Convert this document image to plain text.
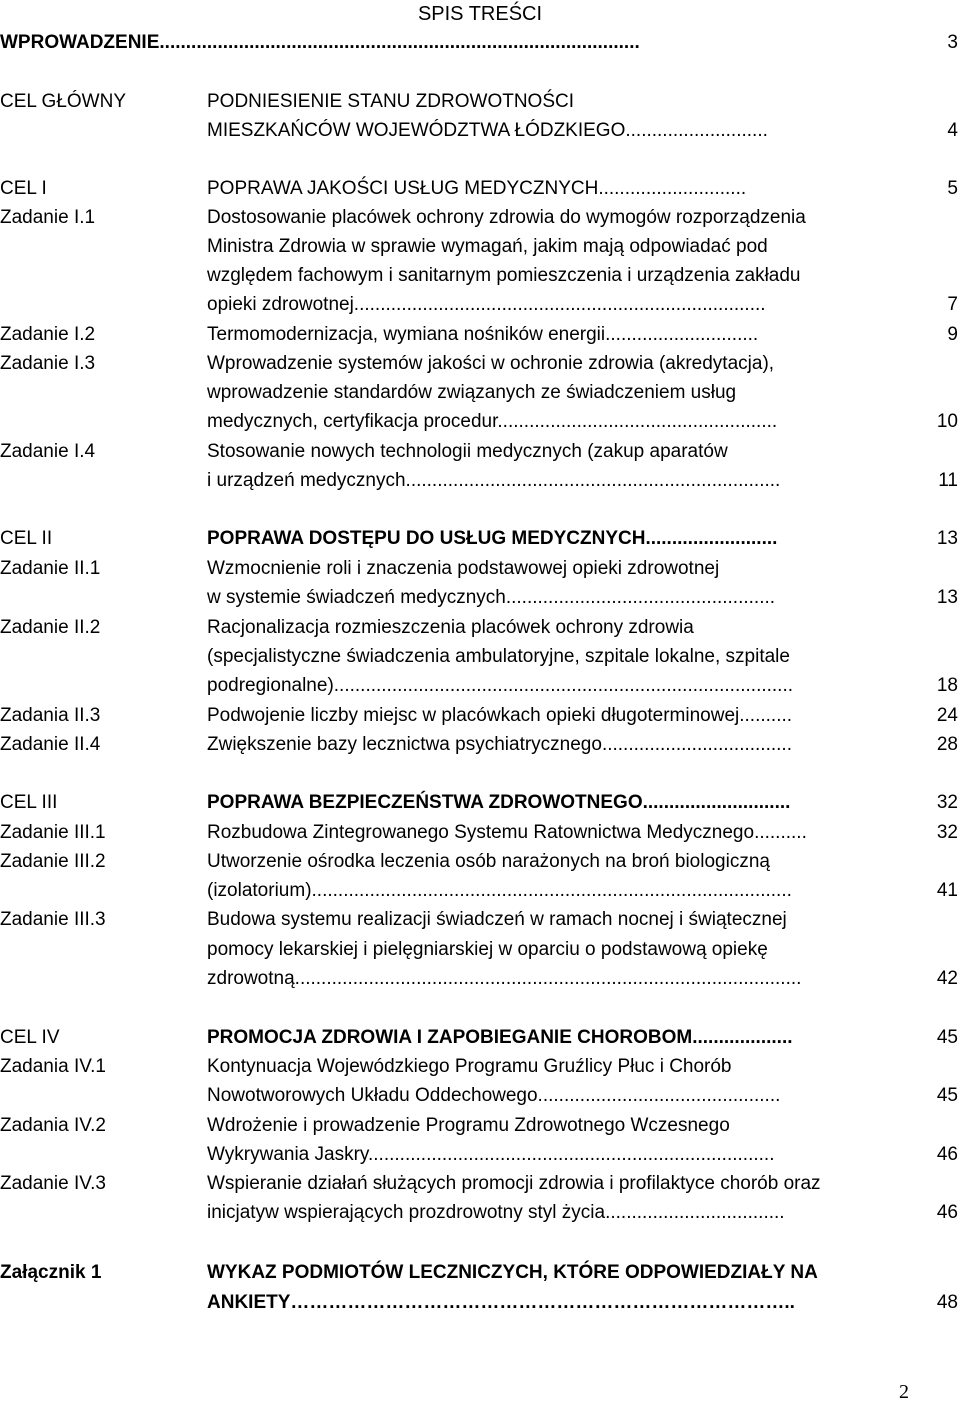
SPIS TREŚCI
WPROWADZENIE...........................................................................................	3
CEL GŁÓWNY	PODNIESIENIE STANU ZDROWOTNOŚCI
MIESZKAŃCÓW WOJEWÓDZTWA ŁÓDZKIEGO...........................	4
CEL I	POPRAWA JAKOŚCI USŁUG MEDYCZNYCH............................	5
Zadanie I.1	Dostosowanie placówek ochrony zdrowia do wymogów rozporządzenia
Ministra Zdrowia w sprawie wymagań, jakim mają odpowiadać pod
względem fachowym i sanitarnym pomieszczenia i urządzenia zakładu
opieki zdrowotnej..............................................................................	7
Zadanie I.2	Termomodernizacja, wymiana nośników energii.............................	9
Zadanie I.3	Wprowadzenie systemów jakości w ochronie zdrowia (akredytacja),
wprowadzenie standardów związanych ze świadczeniem usług
medycznych, certyfikacja procedur.....................................................	10
Zadanie I.4	Stosowanie nowych technologii medycznych (zakup aparatów
i urządzeń medycznych.......................................................................	11
CEL II	POPRAWA DOSTĘPU DO USŁUG MEDYCZNYCH.........................	13
Zadanie II.1	Wzmocnienie roli i znaczenia podstawowej opieki zdrowotnej
w systemie świadczeń medycznych...................................................	13
Zadanie II.2	Racjonalizacja rozmieszczenia placówek ochrony zdrowia
(specjalistyczne świadczenia ambulatoryjne, szpitale lokalne, szpitale
podregionalne).......................................................................................	18
Zadania II.3	Podwojenie liczby miejsc w placówkach opieki długoterminowej..........	24
Zadanie II.4	Zwiększenie bazy lecznictwa psychiatrycznego....................................	28
CEL III	POPRAWA BEZPIECZEŃSTWA ZDROWOTNEGO............................	32
Zadanie III.1	Rozbudowa Zintegrowanego Systemu Ratownictwa Medycznego..........	32
Zadanie III.2	Utworzenie ośrodka leczenia osób narażonych na broń biologiczną
(izolatorium)...........................................................................................	41
Zadanie III.3	Budowa systemu realizacji świadczeń w ramach nocnej i świątecznej
pomocy lekarskiej i pielęgniarskiej w oparciu o podstawową opiekę
zdrowotną................................................................................................	42
CEL IV	PROMOCJA ZDROWIA I ZAPOBIEGANIE CHOROBOM...................	45
Zadania IV.1	Kontynuacja Wojewódzkiego Programu Gruźlicy Płuc i Chorób
Nowotworowych Układu Oddechowego..............................................	45
Zadania IV.2	Wdrożenie i prowadzenie Programu Zdrowotnego Wczesnego
Wykrywania Jaskry.............................................................................	46
Zadanie IV.3	Wspieranie działań służących promocji zdrowia i profilaktyce chorób oraz
inicjatyw wspierających prozdrowotny styl życia..................................	46
Załącznik 1	WYKAZ PODMIOTÓW LECZNICZYCH, KTÓRE ODPOWIEDZIAŁY NA
ANKIETY……………………………………………………………………..	48
2
